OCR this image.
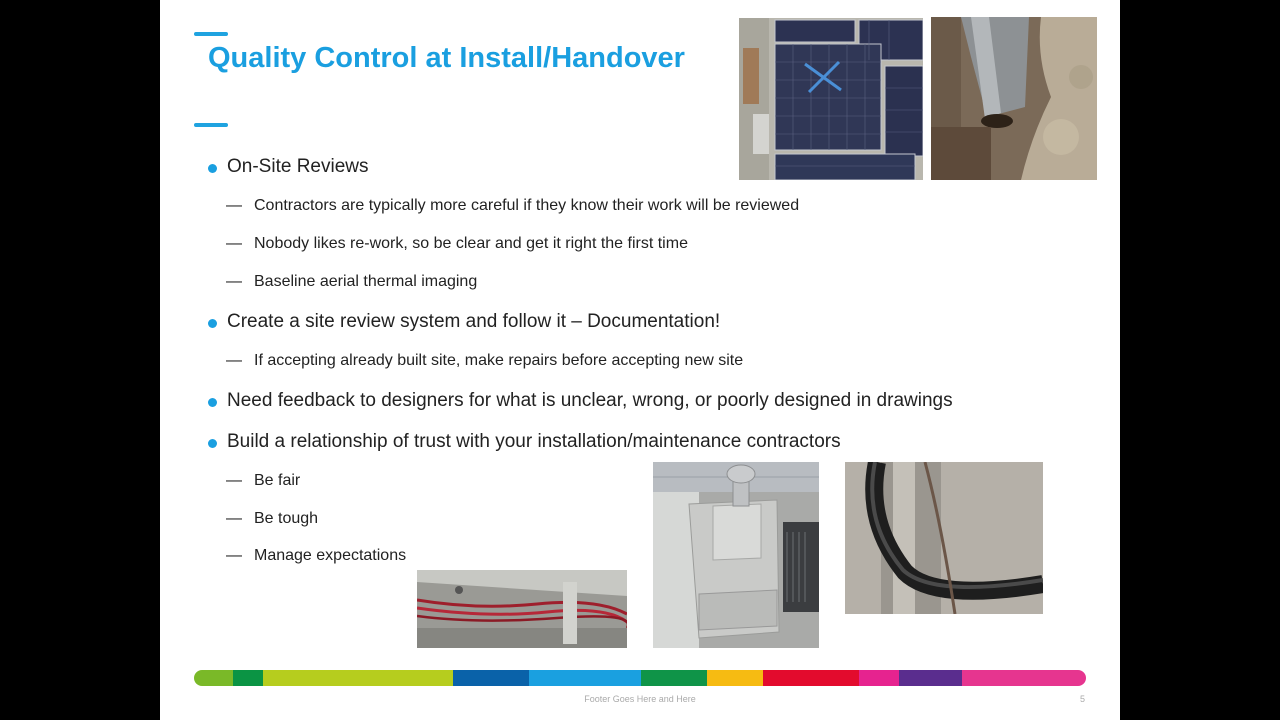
Quality Control at Install/Handover
On-Site Reviews
— Contractors are typically more careful if they know their work will be reviewed
— Nobody likes re-work, so be clear and get it right the first time
— Baseline aerial thermal imaging
Create a site review system and follow it – Documentation!
— If accepting already built site, make repairs before accepting new site
Need feedback to designers for what is unclear, wrong, or poorly designed in drawings
Build a relationship of trust with your installation/maintenance contractors
— Be fair
— Be tough
— Manage expectations
Footer Goes Here and Here	5
